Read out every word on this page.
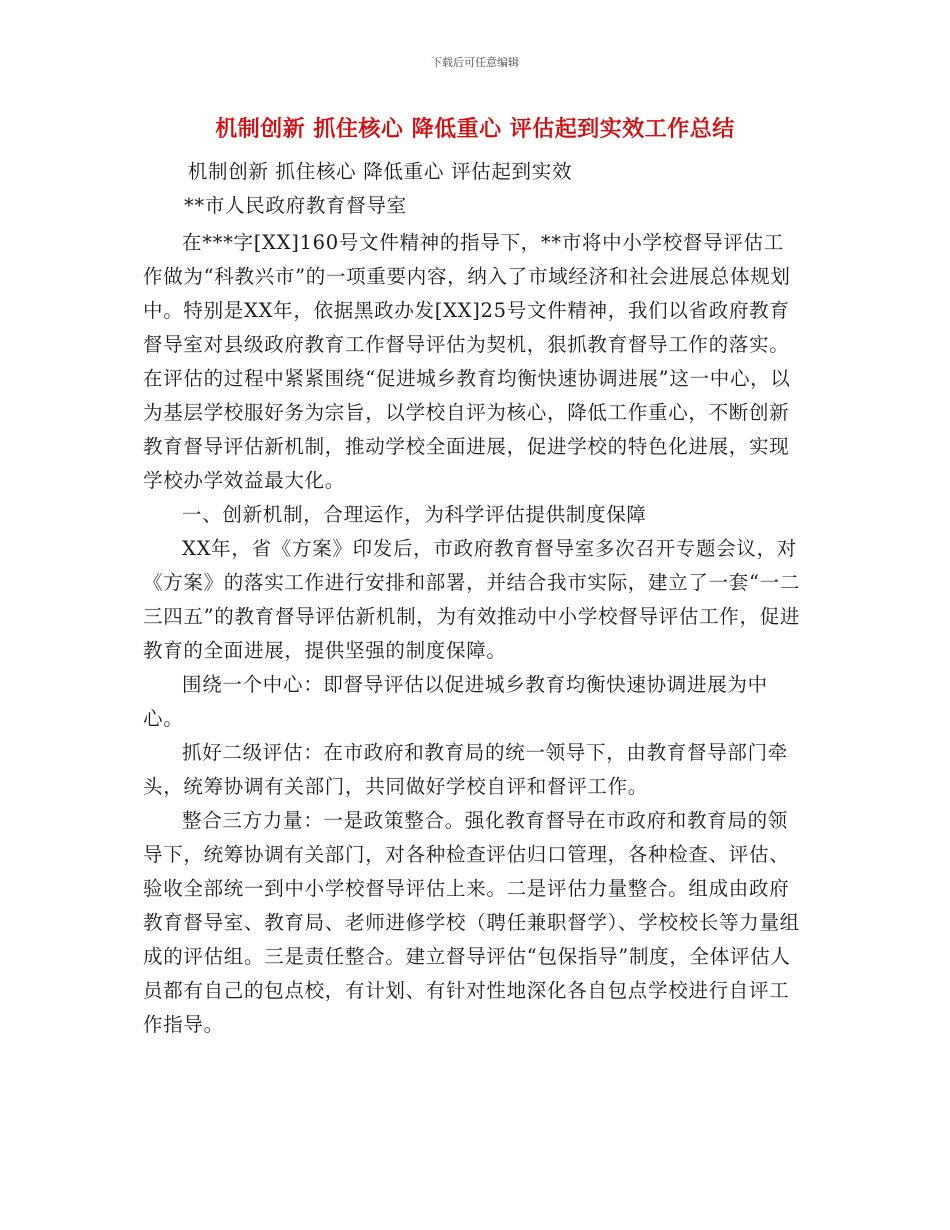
下载后可任意编辑
机制创新 抓住核心 降低重心 评估起到实效工作总结

机制创新 抓住核心 降低重心 评估起到实效

**市人民政府教育督导室

在***字[XX]160号文件精神的指导下，**市将中小学校督导评估工作做为“科教兴市”的一项重要内容，纳入了市域经济和社会进展总体规划中。特别是XX年，依据黑政办发[XX]25号文件精神，我们以省政府教育督导室对县级政府教育工作督导评估为契机，狠抓教育督导工作的落实。在评估的过程中紧紧围绕“促进城乡教育均衡快速协调进展”这一中心，以为基层学校服好务为宗旨，以学校自评为核心，降低工作重心，不断创新教育督导评估新机制，推动学校全面进展，促进学校的特色化进展，实现学校办学效益最大化。

一、创新机制，合理运作，为科学评估提供制度保障

XX年，省《方案》印发后，市政府教育督导室多次召开专题会议，对《方案》的落实工作进行安排和部署，并结合我市实际，建立了一套“一二三四五”的教育督导评估新机制，为有效推动中小学校督导评估工作，促进教育的全面进展，提供坚强的制度保障。

围绕一个中心：即督导评估以促进城乡教育均衡快速协调进展为中心。

抓好二级评估：在市政府和教育局的统一领导下，由教育督导部门牵头，统筹协调有关部门，共同做好学校自评和督评工作。

整合三方力量：一是政策整合。强化教育督导在市政府和教育局的领导下，统筹协调有关部门，对各种检查评估归口管理，各种检查、评估、验收全部统一到中小学校督导评估上来。二是评估力量整合。组成由政府教育督导室、教育局、老师进修学校（聘任兼职督学）、学校校长等力量组成的评估组。三是责任整合。建立督导评估“包保指导”制度，全体评估人员都有自己的包点校，有计划、有针对性地深化各自包点学校进行自评工作指导。
